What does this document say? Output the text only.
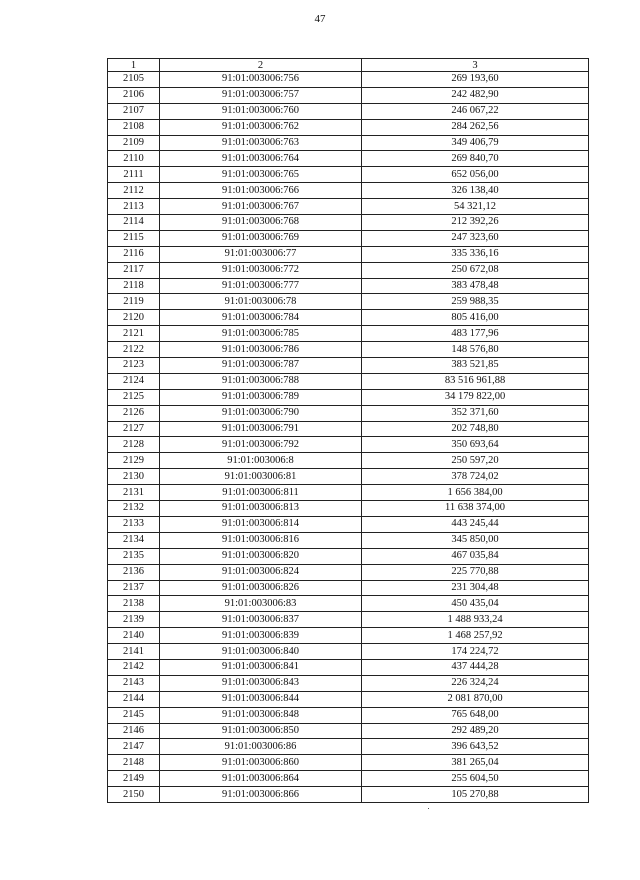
47
1	2	3
2105	91:01:003006:756	269 193,60
2106	91:01:003006:757	242 482,90
2107	91:01:003006:760	246 067,22
2108	91:01:003006:762	284 262,56
2109	91:01:003006:763	349 406,79
2110	91:01:003006:764	269 840,70
2111	91:01:003006:765	652 056,00
2112	91:01:003006:766	326 138,40
2113	91:01:003006:767	54 321,12
2114	91:01:003006:768	212 392,26
2115	91:01:003006:769	247 323,60
2116	91:01:003006:77	335 336,16
2117	91:01:003006:772	250 672,08
2118	91:01:003006:777	383 478,48
2119	91:01:003006:78	259 988,35
2120	91:01:003006:784	805 416,00
2121	91:01:003006:785	483 177,96
2122	91:01:003006:786	148 576,80
2123	91:01:003006:787	383 521,85
2124	91:01:003006:788	83 516 961,88
2125	91:01:003006:789	34 179 822,00
2126	91:01:003006:790	352 371,60
2127	91:01:003006:791	202 748,80
2128	91:01:003006:792	350 693,64
2129	91:01:003006:8	250 597,20
2130	91:01:003006:81	378 724,02
2131	91:01:003006:811	1 656 384,00
2132	91:01:003006:813	11 638 374,00
2133	91:01:003006:814	443 245,44
2134	91:01:003006:816	345 850,00
2135	91:01:003006:820	467 035,84
2136	91:01:003006:824	225 770,88
2137	91:01:003006:826	231 304,48
2138	91:01:003006:83	450 435,04
2139	91:01:003006:837	1 488 933,24
2140	91:01:003006:839	1 468 257,92
2141	91:01:003006:840	174 224,72
2142	91:01:003006:841	437 444,28
2143	91:01:003006:843	226 324,24
2144	91:01:003006:844	2 081 870,00
2145	91:01:003006:848	765 648,00
2146	91:01:003006:850	292 489,20
2147	91:01:003006:86	396 643,52
2148	91:01:003006:860	381 265,04
2149	91:01:003006:864	255 604,50
2150	91:01:003006:866	105 270,88
